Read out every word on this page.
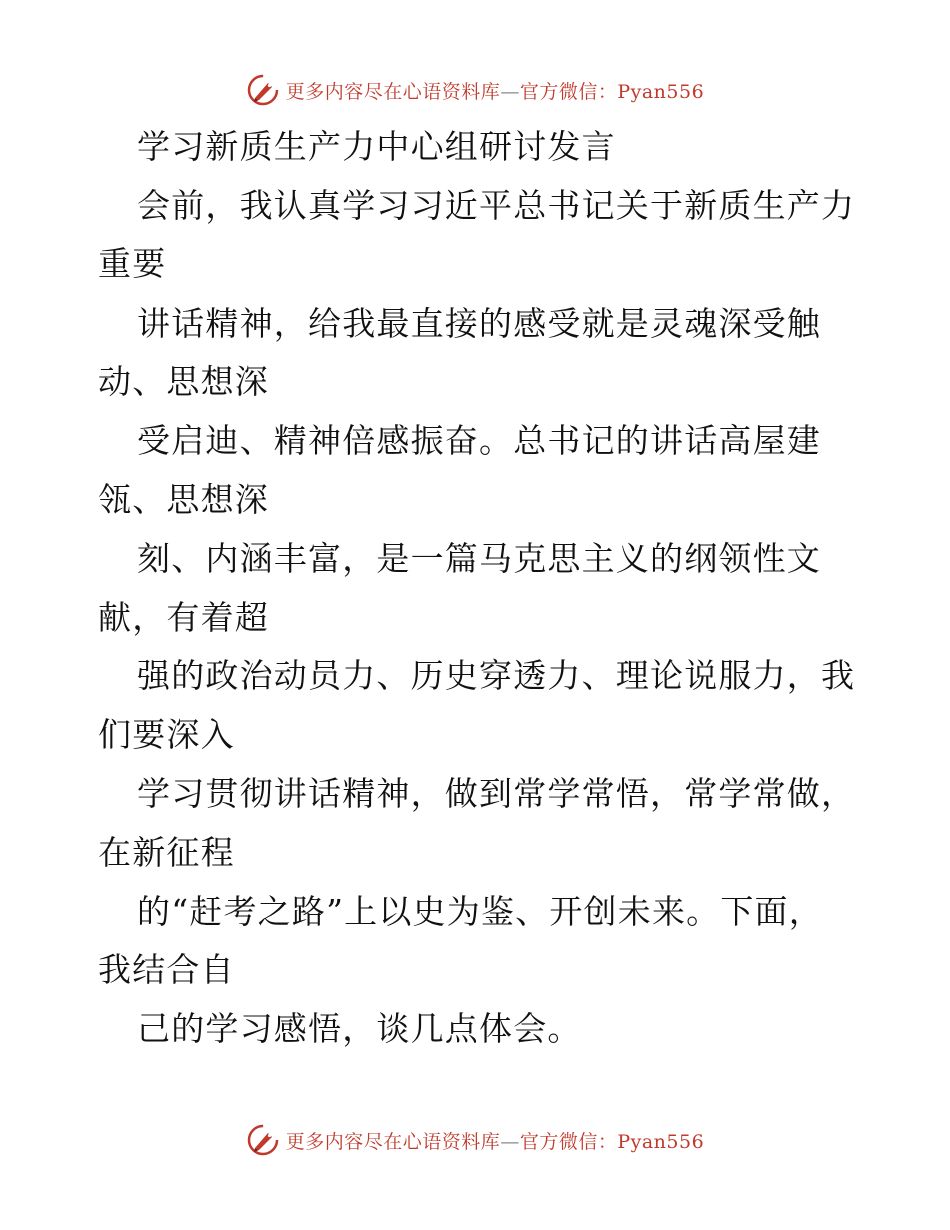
更多内容尽在心语资料库—官方微信：Pyan556
学习新质生产力中心组研讨发言
会前，我认真学习习近平总书记关于新质生产力
重要
讲话精神，给我最直接的感受就是灵魂深受触
动、思想深
受启迪、精神倍感振奋。总书记的讲话高屋建
瓴、思想深
刻、内涵丰富，是一篇马克思主义的纲领性文
献，有着超
强的政治动员力、历史穿透力、理论说服力，我
们要深入
学习贯彻讲话精神，做到常学常悟，常学常做，
在新征程
的“赶考之路”上以史为鉴、开创未来。下面，
我结合自
己的学习感悟，谈几点体会。
更多内容尽在心语资料库—官方微信：Pyan556
